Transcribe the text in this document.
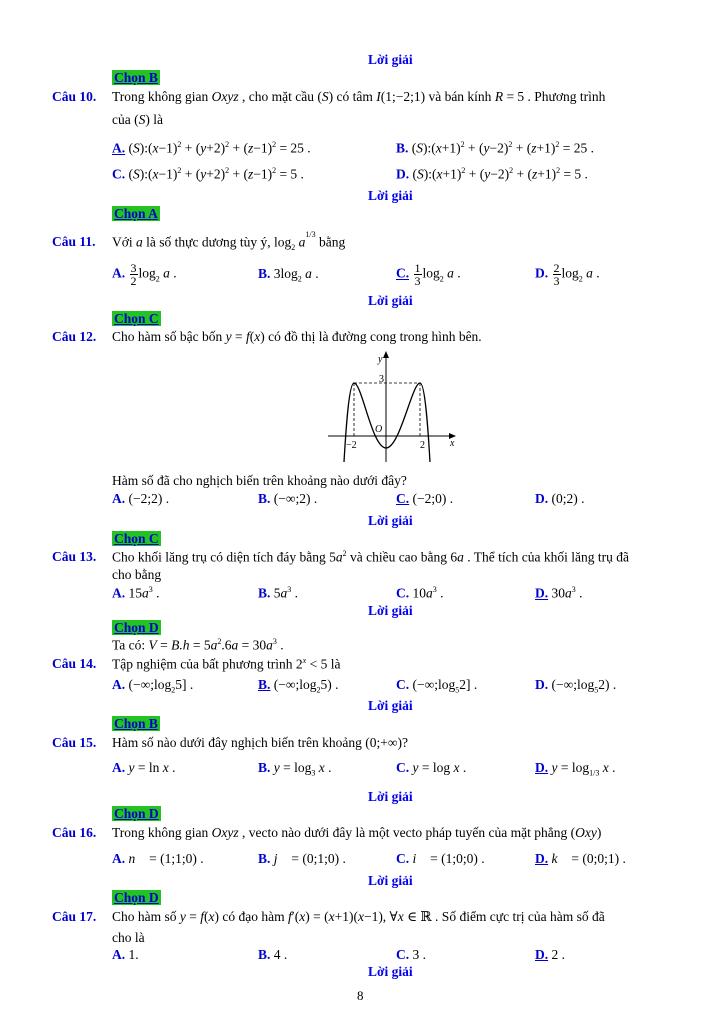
Lời giải
Chọn B
Câu 10. Trong không gian Oxyz , cho mặt cầu (S) có tâm I(1;−2;1) và bán kính R = 5 . Phương trình
của (S) là
A. $(S):(x-1)^2 + (y+2)^2 + (z-1)^2 = 25$ .	B. $(S):(x+1)^2 + (y-2)^2 + (z+1)^2 = 25$ .
C. $(S):(x-1)^2 + (y+2)^2 + (z-1)^2 = 5$ .	D. $(S):(x+1)^2 + (y-2)^2 + (z+1)^2 = 5$ .
Lời giải
Chọn A
Câu 11. Với a là số thực dương tùy ý, $\log_2 a^{1/3}$ bằng
A. $\frac{3}{2} \log_2 a$ .	B. $3\log_2$ a .	C. $\frac{1}{3} \log_2 a$ .	D. $\frac{2}{3} \log_2 a$ .
Lời giải
Chọn C
Câu 12. Cho hàm số bậc bốn y = f(x) có đồ thị là đường cong trong hình bên.
y
x
O
3
−2	2
Hàm số đã cho nghịch biến trên khoảng nào dưới đây?
A. (−2;2) .	B. (−∞;2) .	C. (−2;0) .	D. (0;2) .
Lời giải
Chọn C
Câu 13. Cho khối lăng trụ có diện tích đáy bằng $5a^2$ và chiều cao bằng 6a . Thể tích của khối lăng trụ đã
cho bằng
A. $15a^3$ .	B. $5a^3$ .	C. $10a^3$ .	D. $30a^3$ .
Lời giải
Chọn D
Ta có: $V = B.h = 5a^2.6a = 30a^3$ .
Câu 14. Tập nghiệm của bất phương trình $2^x < 5$ là
A. $(-\infty;\log_25]$ .	B. $(-\infty;\log_25)$ .	C. $(-\infty;\log_52]$ .	D. $(-\infty;\log_52)$ .
Lời giải
Chọn B
Câu 15. Hàm số nào dưới đây nghịch biến trên khoảng (0;+∞)?
A. y = ln x .	B. $y = \log_3 x$ .	C. y = log x .	D. $y = \log_{1/3} x$ .
Lời giải
Chọn D
Câu 16. Trong không gian Oxyz , vecto nào dưới đây là một vecto pháp tuyến của mặt phẳng (Oxy)
A. n⃗ = (1;1;0) .	B. j⃗ = (0;1;0) .	C. i⃗ = (1;0;0) .	D. k⃗ = (0;0;1) .
Lời giải
Chọn D
Câu 17. Cho hàm số y = f(x) có đạo hàm f′(x) = (x+1)(x−1), ∀x ∈ ℝ . Số điểm cực trị của hàm số đã
cho là
A. 1.	B. 4 .	C. 3 .	D. 2 .
Lời giải
8
